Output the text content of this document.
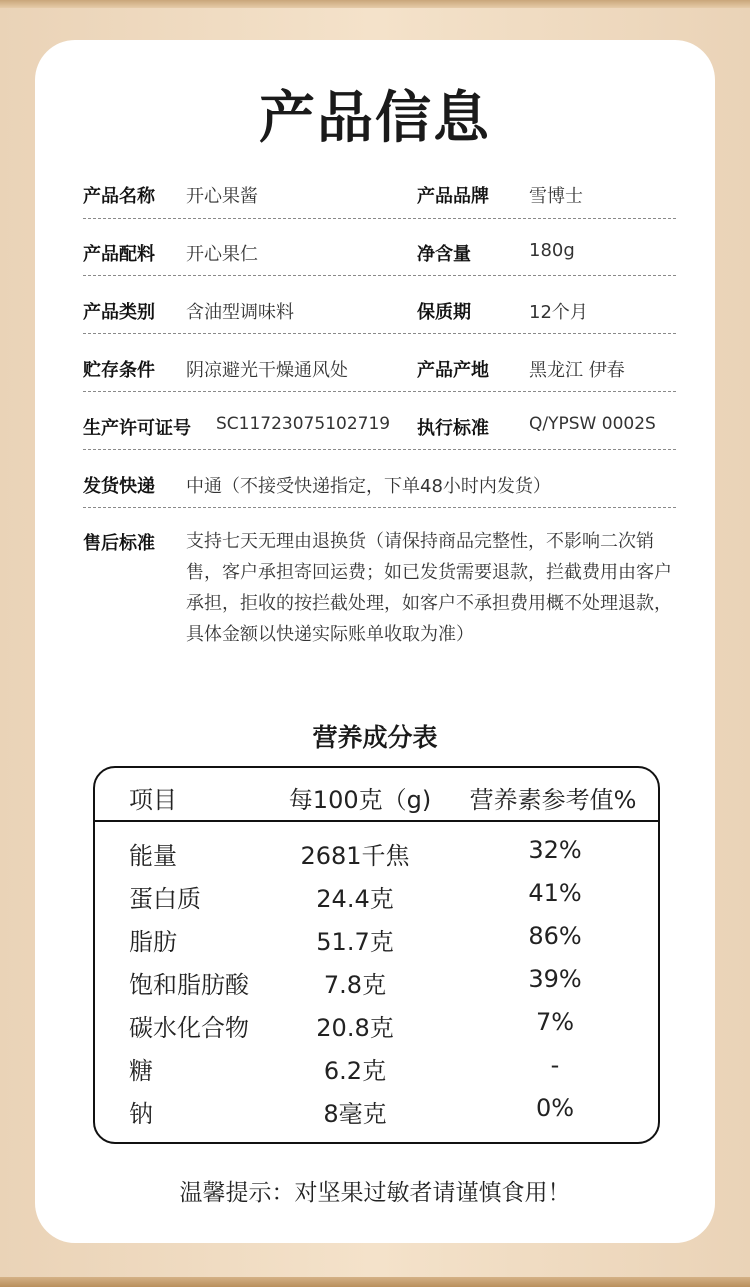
产品信息
产品名称 开心果酱	产品品牌 雪博士
产品配料 开心果仁	净含量	180g
产品类别 含油型调味料	保质期	12个月
贮存条件 阴凉避光干燥通风处	产品产地 黑龙江 伊春
生产许可证号 SC11723075102719 执行标准 Q/YPSW 0002S
发货快递 中通（不接受快递指定，下单48小时内发货）
售后标准 支持七天无理由退换货（请保持商品完整性，不影响二次销售，客户承担寄回运费；如已发货需要退款，拦截费用由客户承担，拒收的按拦截处理，如客户不承担费用概不处理退款，具体金额以快递实际账单收取为准）
营养成分表
项目	每100克（g)	营养素参考值%
能量	2681千焦	32%
蛋白质	24.4克	41%
脂肪	51.7克	86%
饱和脂肪酸	7.8克	39%
碳水化合物	20.8克	7%
糖	6.2克	-
钠	8毫克	0%
温馨提示：对坚果过敏者请谨慎食用！
